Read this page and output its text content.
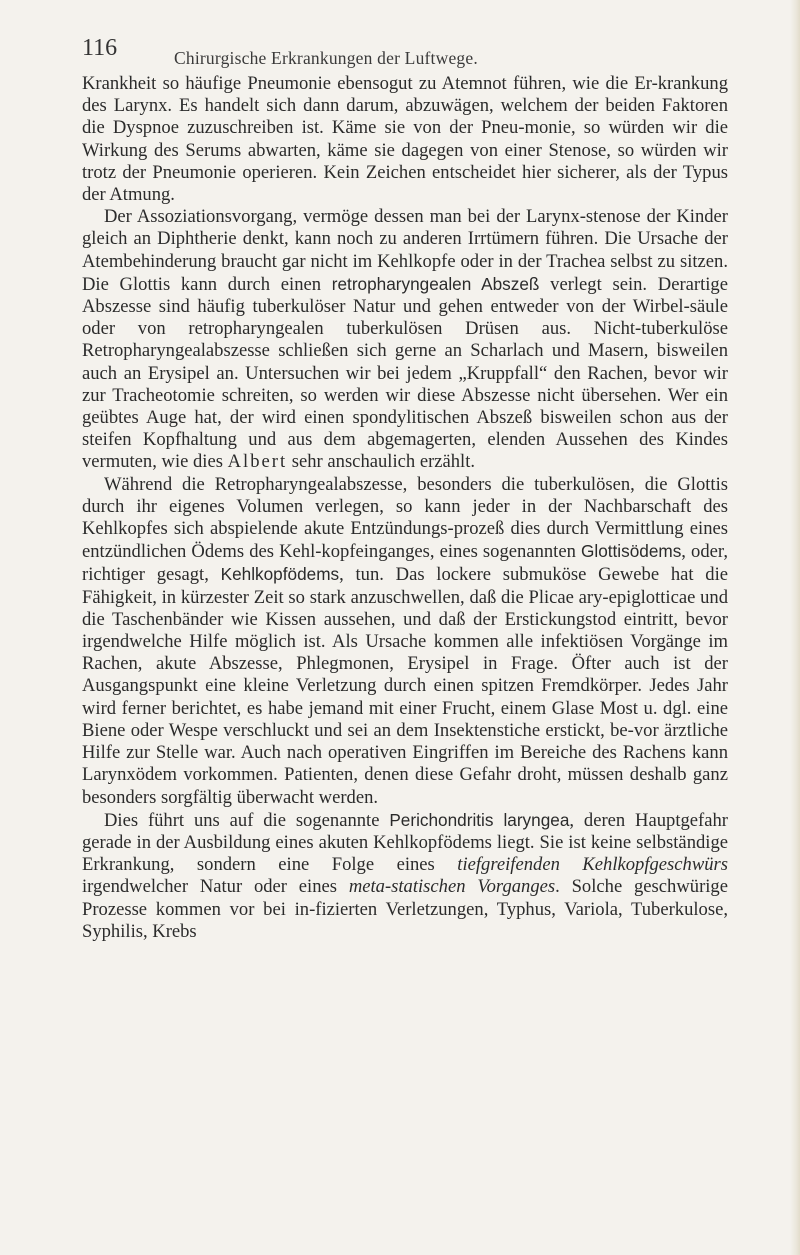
116	Chirurgische Erkrankungen der Luftwege.

Krankheit so häufige Pneumonie ebensogut zu Atemnot führen, wie die Er-krankung des Larynx. Es handelt sich dann darum, abzuwägen, welchem der beiden Faktoren die Dyspnoe zuzuschreiben ist. Käme sie von der Pneu-monie, so würden wir die Wirkung des Serums abwarten, käme sie dagegen von einer Stenose, so würden wir trotz der Pneumonie operieren. Kein Zeichen entscheidet hier sicherer, als der Typus der Atmung.

Der Assoziationsvorgang, vermöge dessen man bei der Larynx-stenose der Kinder gleich an Diphtherie denkt, kann noch zu anderen Irrtümern führen. Die Ursache der Atembehinderung braucht gar nicht im Kehlkopfe oder in der Trachea selbst zu sitzen. Die Glottis kann durch einen retropharyngealen Abszeß verlegt sein. Derartige Abszesse sind häufig tuberkulöser Natur und gehen entweder von der Wirbel-säule oder von retropharyngealen tuberkulösen Drüsen aus. Nicht-tuberkulöse Retropharyngealabszesse schließen sich gerne an Scharlach und Masern, bisweilen auch an Erysipel an. Untersuchen wir bei jedem „Kruppfall“ den Rachen, bevor wir zur Tracheotomie schreiten, so werden wir diese Abszesse nicht übersehen. Wer ein geübtes Auge hat, der wird einen spondylitischen Abszeß bisweilen schon aus der steifen Kopfhaltung und aus dem abgemagerten, elenden Aussehen des Kindes vermuten, wie dies Albert sehr anschaulich erzählt.

Während die Retropharyngealabszesse, besonders die tuberkulösen, die Glottis durch ihr eigenes Volumen verlegen, so kann jeder in der Nachbarschaft des Kehlkopfes sich abspielende akute Entzündungs-prozeß dies durch Vermittlung eines entzündlichen Ödems des Kehl-kopfeinganges, eines sogenannten Glottisödems, oder, richtiger gesagt, Kehlkopfödems, tun. Das lockere submuköse Gewebe hat die Fähigkeit, in kürzester Zeit so stark anzuschwellen, daß die Plicae ary-epiglotticae und die Taschenbänder wie Kissen aussehen, und daß der Erstickungstod eintritt, bevor irgendwelche Hilfe möglich ist. Als Ursache kommen alle infektiösen Vorgänge im Rachen, akute Abszesse, Phlegmonen, Erysipel in Frage. Öfter auch ist der Ausgangspunkt eine kleine Verletzung durch einen spitzen Fremdkörper. Jedes Jahr wird ferner berichtet, es habe jemand mit einer Frucht, einem Glase Most u. dgl. eine Biene oder Wespe verschluckt und sei an dem Insektenstiche erstickt, be-vor ärztliche Hilfe zur Stelle war. Auch nach operativen Eingriffen im Bereiche des Rachens kann Larynxödem vorkommen. Patienten, denen diese Gefahr droht, müssen deshalb ganz besonders sorgfältig überwacht werden.

Dies führt uns auf die sogenannte Perichondritis laryngea, deren Hauptgefahr gerade in der Ausbildung eines akuten Kehlkopfödems liegt. Sie ist keine selbständige Erkrankung, sondern eine Folge eines tiefgreifenden Kehlkopfgeschwürs irgendwelcher Natur oder eines meta-statischen Vorganges. Solche geschwürige Prozesse kommen vor bei in-fizierten Verletzungen, Typhus, Variola, Tuberkulose, Syphilis, Krebs
